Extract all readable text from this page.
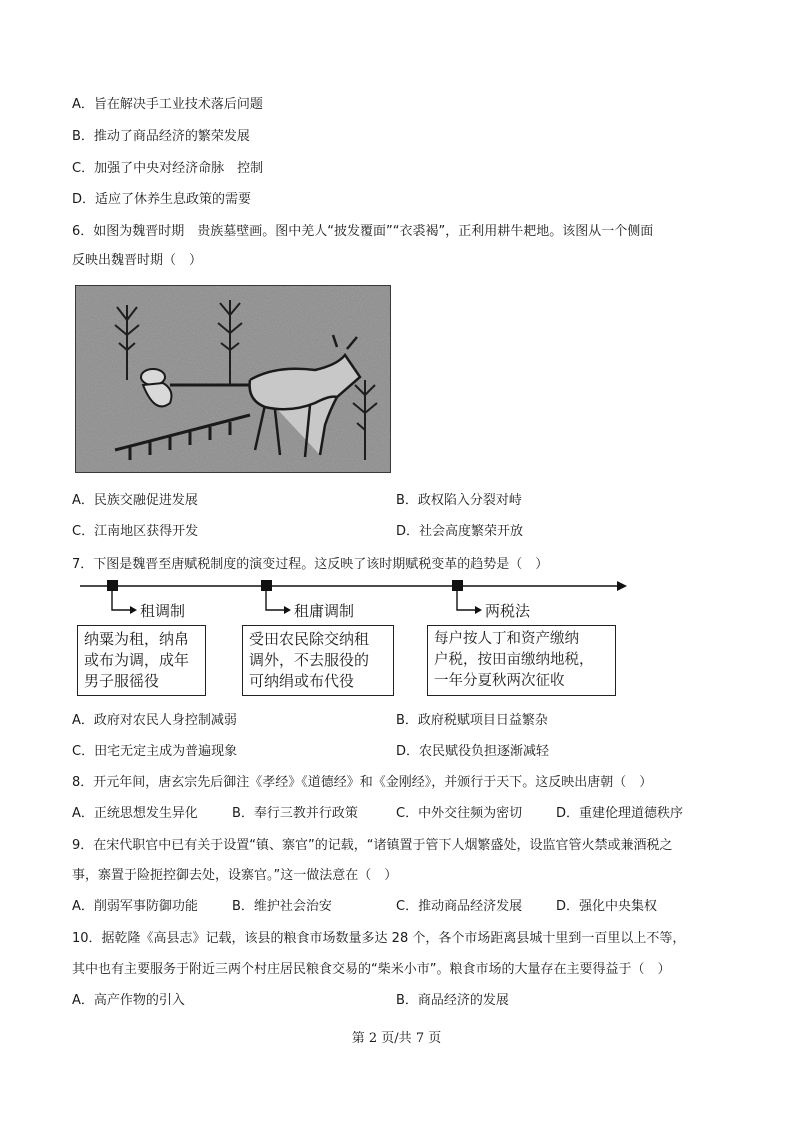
A．旨在解决手工业技术落后问题
B．推动了商品经济的繁荣发展
C．加强了中央对经济命脉　控制
D．适应了休养生息政策的需要
6．如图为魏晋时期　贵族墓壁画。图中羌人“披发覆面”“衣裘褐”，正利用耕牛耙地。该图从一个侧面
反映出魏晋时期（　）
A．民族交融促进发展	B．政权陷入分裂对峙
C．江南地区获得开发	D．社会高度繁荣开放
7．下图是魏晋至唐赋税制度的演变过程。这反映了该时期赋税变革的趋势是（　）
租调制	租庸调制	两税法
纳粟为租，纳帛
或布为调，成年
男子服徭役
受田农民除交纳租
调外，不去服役的
可纳绢或布代役
每户按人丁和资产缴纳
户税，按田亩缴纳地税，
一年分夏秋两次征收
A．政府对农民人身控制减弱	B．政府税赋项目日益繁杂
C．田宅无定主成为普遍现象	D．农民赋役负担逐渐减轻
8．开元年间，唐玄宗先后御注《孝经》《道德经》和《金刚经》，并颁行于天下。这反映出唐朝（　）
A．正统思想发生异化	B．奉行三教并行政策	C．中外交往频为密切	D．重建伦理道德秩序
9．在宋代职官中已有关于设置“镇、寨官”的记载，“诸镇置于管下人烟繁盛处，设监官管火禁或兼酒税之
事，寨置于险扼控御去处，设寨官。”这一做法意在（　）
A．削弱军事防御功能	B．维护社会治安	C．推动商品经济发展	D．强化中央集权
10．据乾隆《高县志》记载，该县的粮食市场数量多达 28 个，各个市场距离县城十里到一百里以上不等，
其中也有主要服务于附近三两个村庄居民粮食交易的“柴米小市”。粮食市场的大量存在主要得益于（　）
A．高产作物的引入	B．商品经济的发展
第 2 页/共 7 页
